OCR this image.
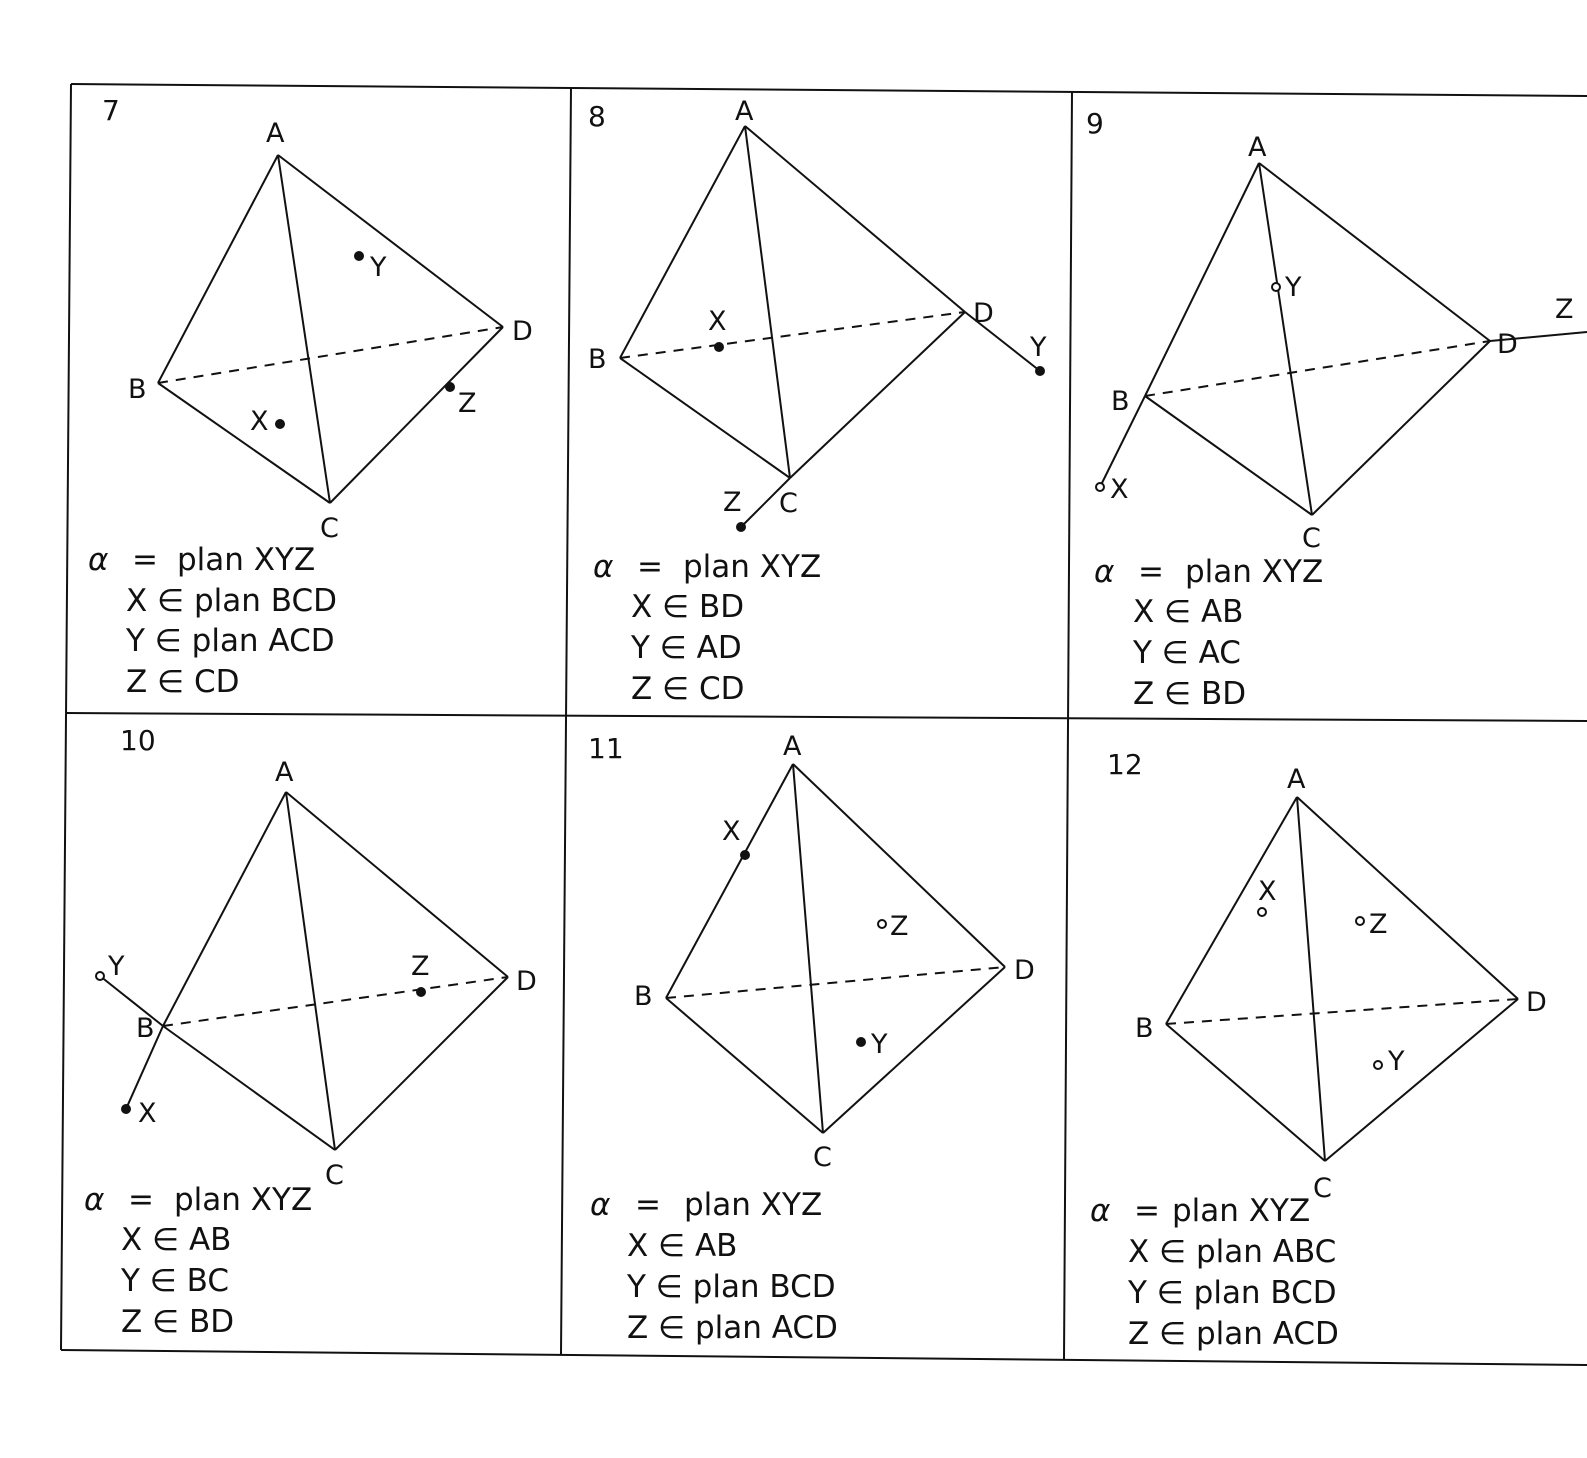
7
A
B
C
D
X
Y
Z
α = plan XYZ
X ∈ plan BCD
Y ∈ plan ACD
Z ∈ CD
8	A
B
C
D
X
Y
Z
α = plan XYZ
X ∈ BD
Y ∈ AD
Z ∈ CD
9
A
B
C
D
X
Y
Z
α = plan XYZ
X ∈ AB
Y ∈ AC
Z ∈ BD
10
A
B
C
D
X
Y	Z
α = plan XYZ
X ∈ AB
Y ∈ BC
Z ∈ BD
11	A
B
C
D
X
Y
Z
α = plan XYZ
X ∈ AB
Y ∈ plan BCD
Z ∈ plan ACD
12	A
B
C
D
X
Y
Z
α = plan XYZ
X ∈ plan ABC
Y ∈ plan BCD
Z ∈ plan ACD
